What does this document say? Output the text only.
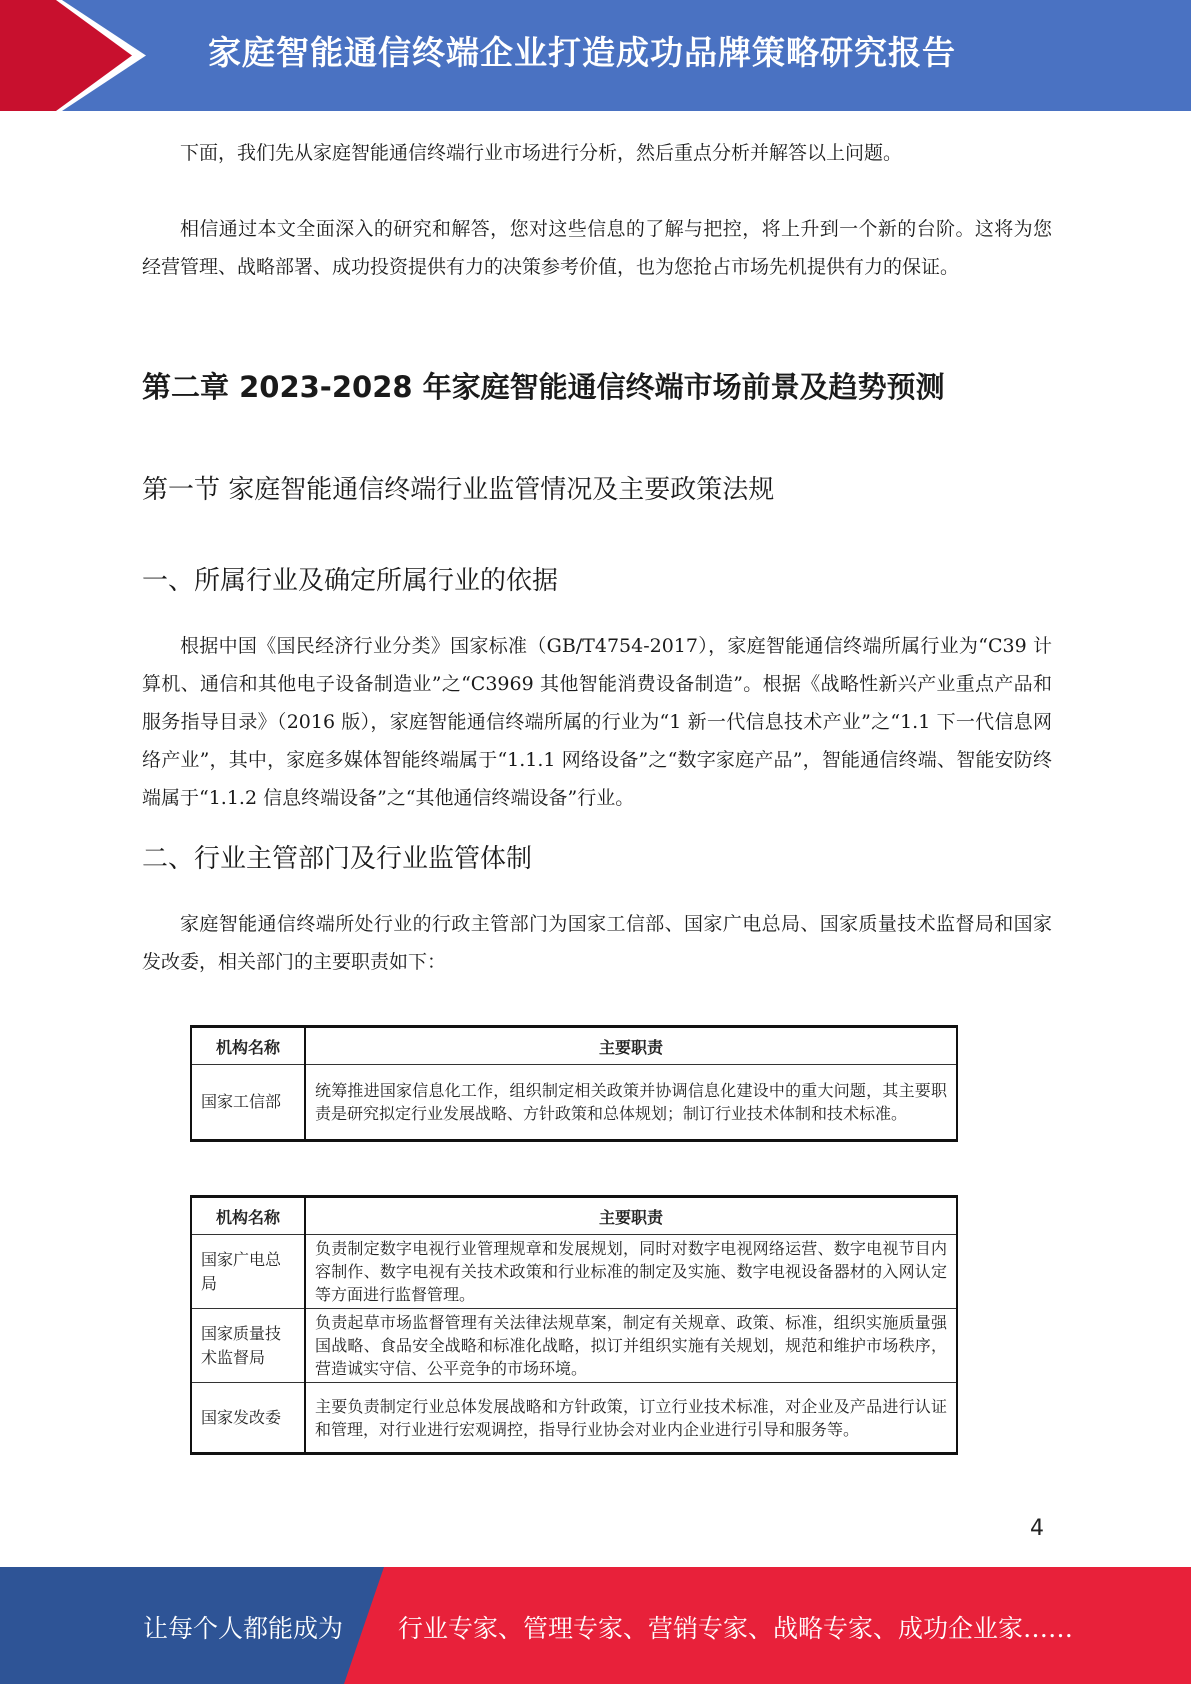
家庭智能通信终端企业打造成功品牌策略研究报告

下面，我们先从家庭智能通信终端行业市场进行分析，然后重点分析并解答以上问题。

相信通过本文全面深入的研究和解答，您对这些信息的了解与把控，将上升到一个新的台阶。这将为您经营管理、战略部署、成功投资提供有力的决策参考价值，也为您抢占市场先机提供有力的保证。

第二章 2023-2028 年家庭智能通信终端市场前景及趋势预测
第一节 家庭智能通信终端行业监管情况及主要政策法规
一、所属行业及确定所属行业的依据

根据中国《国民经济行业分类》国家标准（GB/T4754-2017），家庭智能通信终端所属行业为“C39 计算机、通信和其他电子设备制造业”之“C3969 其他智能消费设备制造”。根据《战略性新兴产业重点产品和服务指导目录》（2016 版），家庭智能通信终端所属的行业为“1 新一代信息技术产业”之“1.1 下一代信息网络产业”，其中，家庭多媒体智能终端属于“1.1.1 网络设备”之“数字家庭产品”，智能通信终端、智能安防终端属于“1.1.2 信息终端设备”之“其他通信终端设备”行业。

二、行业主管部门及行业监管体制

家庭智能通信终端所处行业的行政主管部门为国家工信部、国家广电总局、国家质量技术监督局和国家发改委，相关部门的主要职责如下：

机构名称	主要职责
国家工信部	统筹推进国家信息化工作，组织制定相关政策并协调信息化建设中的重大问题，其主要职责是研究拟定行业发展战略、方针政策和总体规划；制订行业技术体制和技术标准。
机构名称	主要职责
国家广电总局	负责制定数字电视行业管理规章和发展规划，同时对数字电视网络运营、数字电视节目内容制作、数字电视有关技术政策和行业标准的制定及实施、数字电视设备器材的入网认定等方面进行监督管理。
国家质量技术监督局	负责起草市场监督管理有关法律法规草案，制定有关规章、政策、标准，组织实施质量强国战略、食品安全战略和标准化战略，拟订并组织实施有关规划，规范和维护市场秩序，营造诚实守信、公平竞争的市场环境。
国家发改委	主要负责制定行业总体发展战略和方针政策，订立行业技术标准，对企业及产品进行认证和管理，对行业进行宏观调控，指导行业协会对业内企业进行引导和服务等。
4
让每个人都能成为 行业专家、管理专家、营销专家、战略专家、成功企业家……
